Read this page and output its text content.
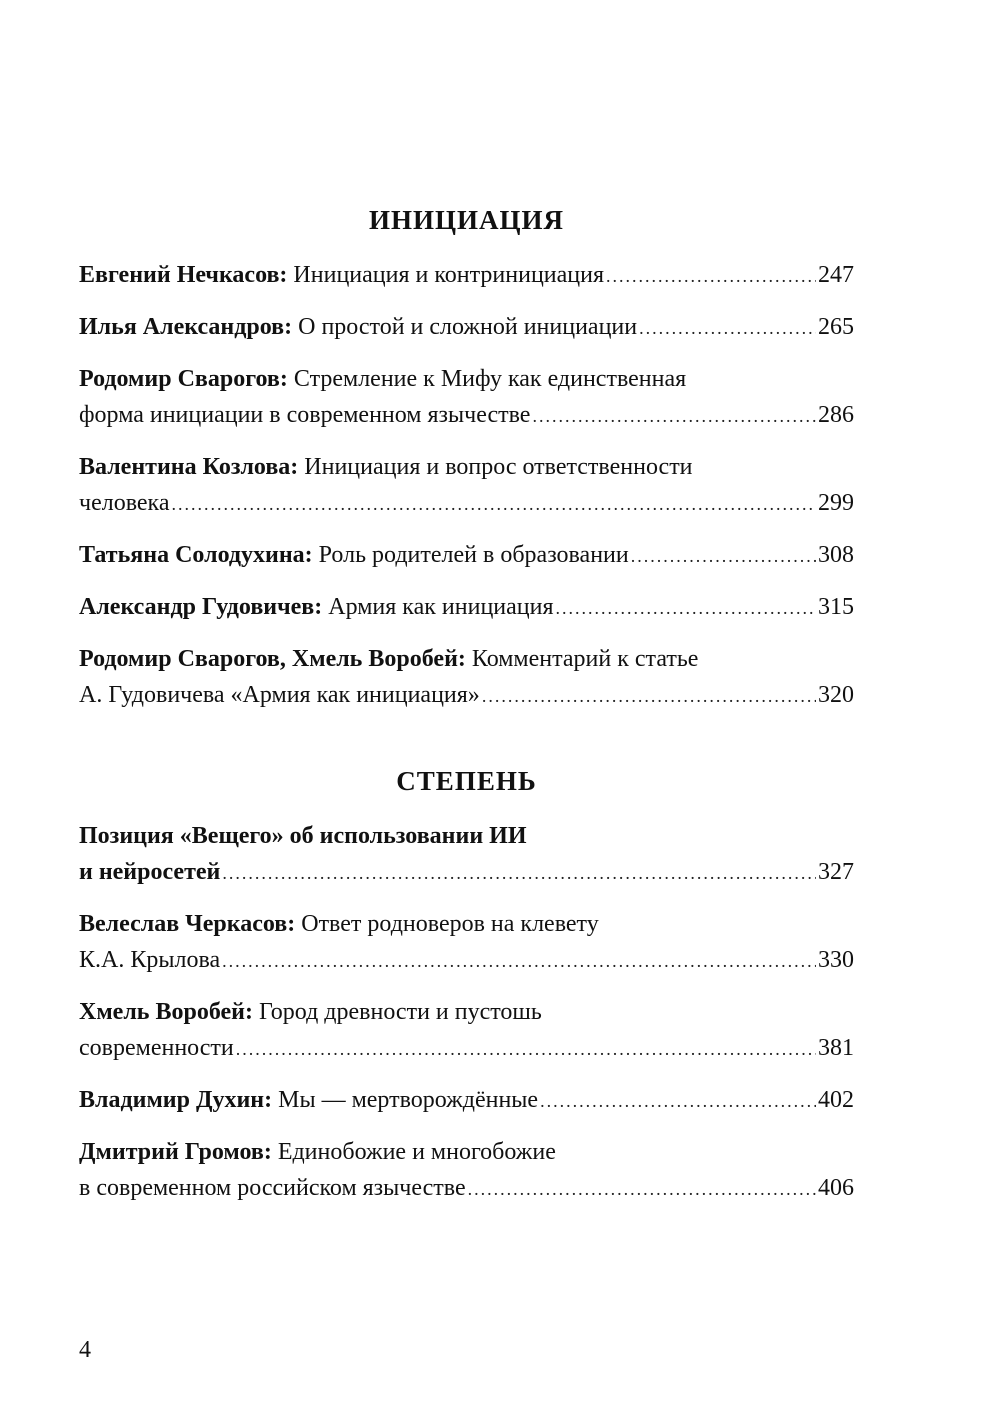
ИНИЦИАЦИЯ
Евгений Нечкасов:
Инициация и контринициация .....	247
Илья Александров:
О простой и сложной инициации .....	265
Родомир Сварогов:
Стремление к Мифу как единственная
форма инициации в современном язычестве .....	286
Валентина Козлова:
Инициация и вопрос ответственности
человека .....	299
Татьяна Солодухина:
Роль родителей в образовании .....	308
Александр Гудовичев:
Армия как инициация .....	315
Родомир Сварогов, Хмель Воробей:
Комментарий к статье
А. Гудовичева «Армия как инициация» .....	320
СТЕПЕНЬ
Позиция «Вещего» об использовании ИИ
и нейросетей .....	327
Велеслав Черкасов:
Ответ родноверов на клевету
К.А. Крылова .....	330
Хмель Воробей:
Город древности и пустошь
современности .....	381
Владимир Духин:
Мы — мертворождённые .....	402
Дмитрий Громов:
Единобожие и многобожие
в современном российском язычестве .....	406
4
